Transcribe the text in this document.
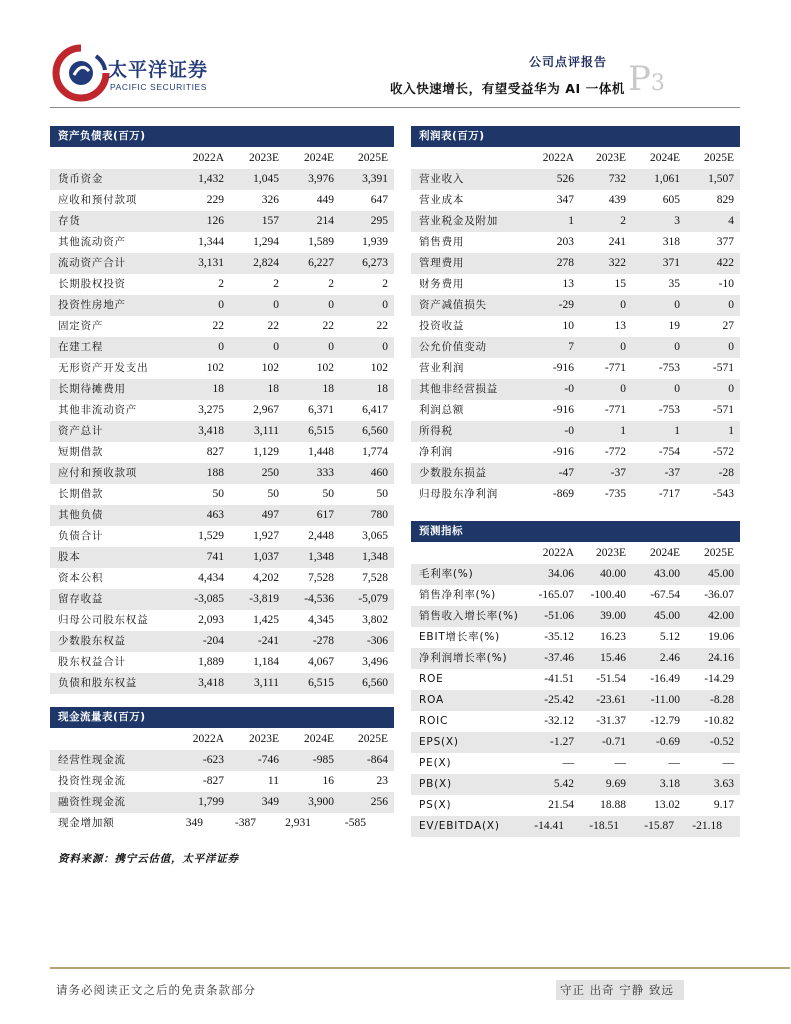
太平洋证券
PACIFIC SECURITIES
公司点评报告
收入快速增长，有望受益华为 AI 一体机 P3
资产负债表(百万)
2022A 2023E 2024E 2025E
货币资金	1,432	1,045	3,976 3,391
应收和预付款项	229	326	449	647
存货	126	157	214	295
其他流动资产	1,344	1,294	1,589 1,939
流动资产合计	3,131	2,824	6,227 6,273
长期股权投资	2	2	2	2
投资性房地产	0	0	0	0
固定资产	22	22	22	22
在建工程	0	0	0	0
无形资产开发支出	102	102	102	102
长期待摊费用	18	18	18	18
其他非流动资产	3,275	2,967	6,371 6,417
资产总计	3,418	3,111	6,515 6,560
短期借款	827	1,129	1,448 1,774
应付和预收款项	188	250	333	460
长期借款	50	50	50	50
其他负债	463	497	617	780
负债合计	1,529	1,927	2,448 3,065
股本	741	1,037	1,348 1,348
资本公积	4,434	4,202	7,528 7,528
留存收益	-3,085 -3,819 -4,536 -5,079
归母公司股东权益	2,093	1,425	4,345 3,802
少数股东权益	-204	-241	-278	-306
股东权益合计	1,889	1,184	4,067 3,496
负债和股东权益	3,418	3,111	6,515 6,560
利润表(百万)
2022A 2023E 2024E 2025E
营业收入	526	732 1,061 1,507
营业成本	347	439	605	829
营业税金及附加	1	2	3	4
销售费用	203	241	318	377
管理费用	278	322	371	422
财务费用	13	15	35	-10
资产减值损失	-29	0	0	0
投资收益	10	13	19	27
公允价值变动	7	0	0	0
营业利润	-916	-771	-753	-571
其他非经营损益	-0	0	0	0
利润总额	-916	-771	-753	-571
所得税	-0	1	1	1
净利润	-916	-772	-754	-572
少数股东损益	-47	-37	-37	-28
归母股东净利润	-869	-735	-717	-543
预测指标
2022A 2023E 2024E 2025E
毛利率(%)	34.06 40.00 43.00 45.00
销售净利率(%)	-165.07 -100.40 -67.54 -36.07
销售收入增长率(%) -51.06 39.00 45.00 42.00
EBIT增长率(%)	-35.12 16.23	5.12 19.06
净利润增长率(%)	-37.46 15.46	2.46 24.16
ROE	-41.51 -51.54 -16.49 -14.29
ROA	-25.42 -23.61 -11.00	-8.28
ROIC	-32.12 -31.37 -12.79 -10.82
EPS(X)	-1.27 -0.71	-0.69	-0.52
PE(X)	—	—	—	—
PB(X)	5.42	9.69	3.18	3.63
PS(X)	21.54 18.88 13.02	9.17
EV/EBITDA(X)	-14.41 -18.51 -15.87 -21.18
现金流量表(百万)
2022A 2023E 2024E 2025E
经营性现金流	-623	-746	-985	-864
投资性现金流	-827	11	16	23
融资性现金流	1,799	349	3,900	256
现金增加额	349	-387	2,931	-585
资料来源：携宁云估值，太平洋证券
请务必阅读正文之后的免责条款部分	守正 出奇 宁静 致远
